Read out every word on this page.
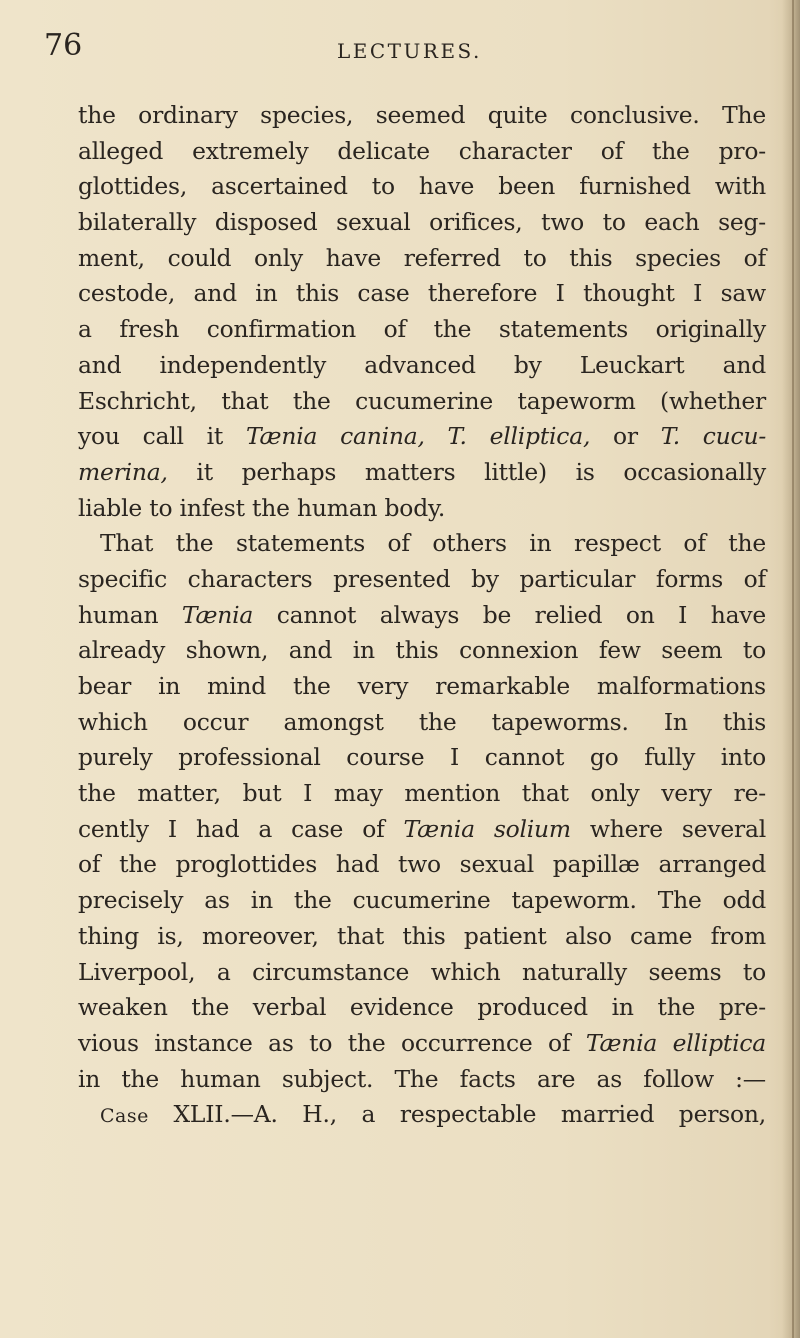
76	LECTURES.
the ordinary species, seemed quite conclusive. The
alleged extremely delicate character of the pro-
glottides, ascertained to have been furnished with
bilaterally disposed sexual orifices, two to each seg-
ment, could only have referred to this species of
cestode, and in this case therefore I thought I saw
a fresh confirmation of the statements originally
and independently advanced by Leuckart and
Eschricht, that the cucumerine tapeworm (whether
you call it Tænia canina, T. elliptica, or T. cucu-
merina, it perhaps matters little) is occasionally
liable to infest the human body.
That the statements of others in respect of the
specific characters presented by particular forms of
human Tænia cannot always be relied on I have
already shown, and in this connexion few seem to
bear in mind the very remarkable malformations
which occur amongst the tapeworms. In this
purely professional course I cannot go fully into
the matter, but I may mention that only very re-
cently I had a case of Tænia solium where several
of the proglottides had two sexual papillæ arranged
precisely as in the cucumerine tapeworm. The odd
thing is, moreover, that this patient also came from
Liverpool, a circumstance which naturally seems to
weaken the verbal evidence produced in the pre-
vious instance as to the occurrence of Tænia elliptica
in the human subject. The facts are as follow :—
Case XLII.—A. H., a respectable married person,
